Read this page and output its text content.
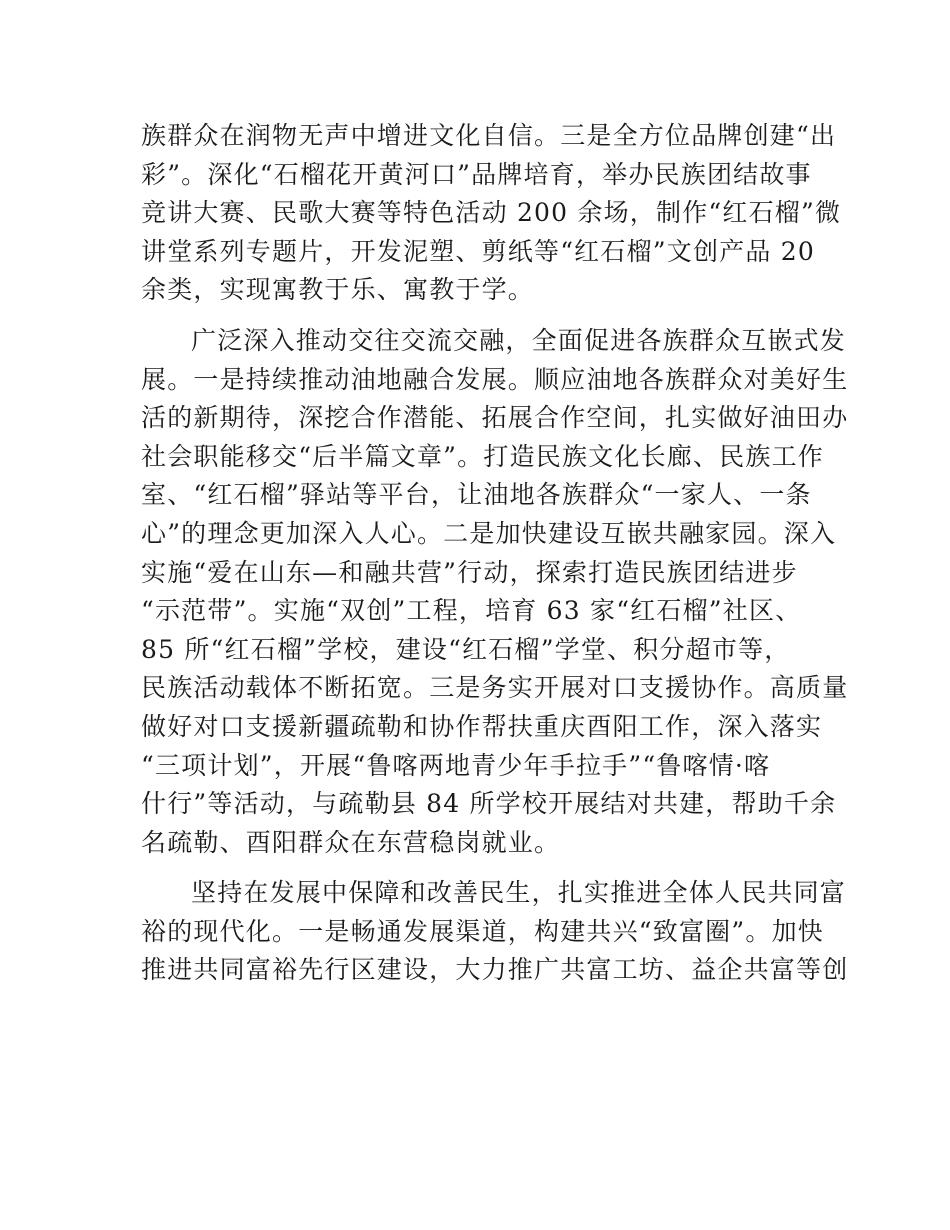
族群众在润物无声中增进文化自信。三是全方位品牌创建“出
彩”。深化“石榴花开黄河口”品牌培育，举办民族团结故事
竞讲大赛、民歌大赛等特色活动 200 余场，制作“红石榴”微
讲堂系列专题片，开发泥塑、剪纸等“红石榴”文创产品 20
余类，实现寓教于乐、寓教于学。
广泛深入推动交往交流交融，全面促进各族群众互嵌式发
展。一是持续推动油地融合发展。顺应油地各族群众对美好生
活的新期待，深挖合作潜能、拓展合作空间，扎实做好油田办
社会职能移交“后半篇文章”。打造民族文化长廊、民族工作
室、“红石榴”驿站等平台，让油地各族群众“一家人、一条
心”的理念更加深入人心。二是加快建设互嵌共融家园。深入
实施“爱在山东—和融共营”行动，探索打造民族团结进步
“示范带”。实施“双创”工程，培育 63 家“红石榴”社区、
85 所“红石榴”学校，建设“红石榴”学堂、积分超市等，
民族活动载体不断拓宽。三是务实开展对口支援协作。高质量
做好对口支援新疆疏勒和协作帮扶重庆酉阳工作，深入落实
“三项计划”，开展“鲁喀两地青少年手拉手”“鲁喀情·喀
什行”等活动，与疏勒县 84 所学校开展结对共建，帮助千余
名疏勒、酉阳群众在东营稳岗就业。
坚持在发展中保障和改善民生，扎实推进全体人民共同富
裕的现代化。一是畅通发展渠道，构建共兴“致富圈”。加快
推进共同富裕先行区建设，大力推广共富工坊、益企共富等创
